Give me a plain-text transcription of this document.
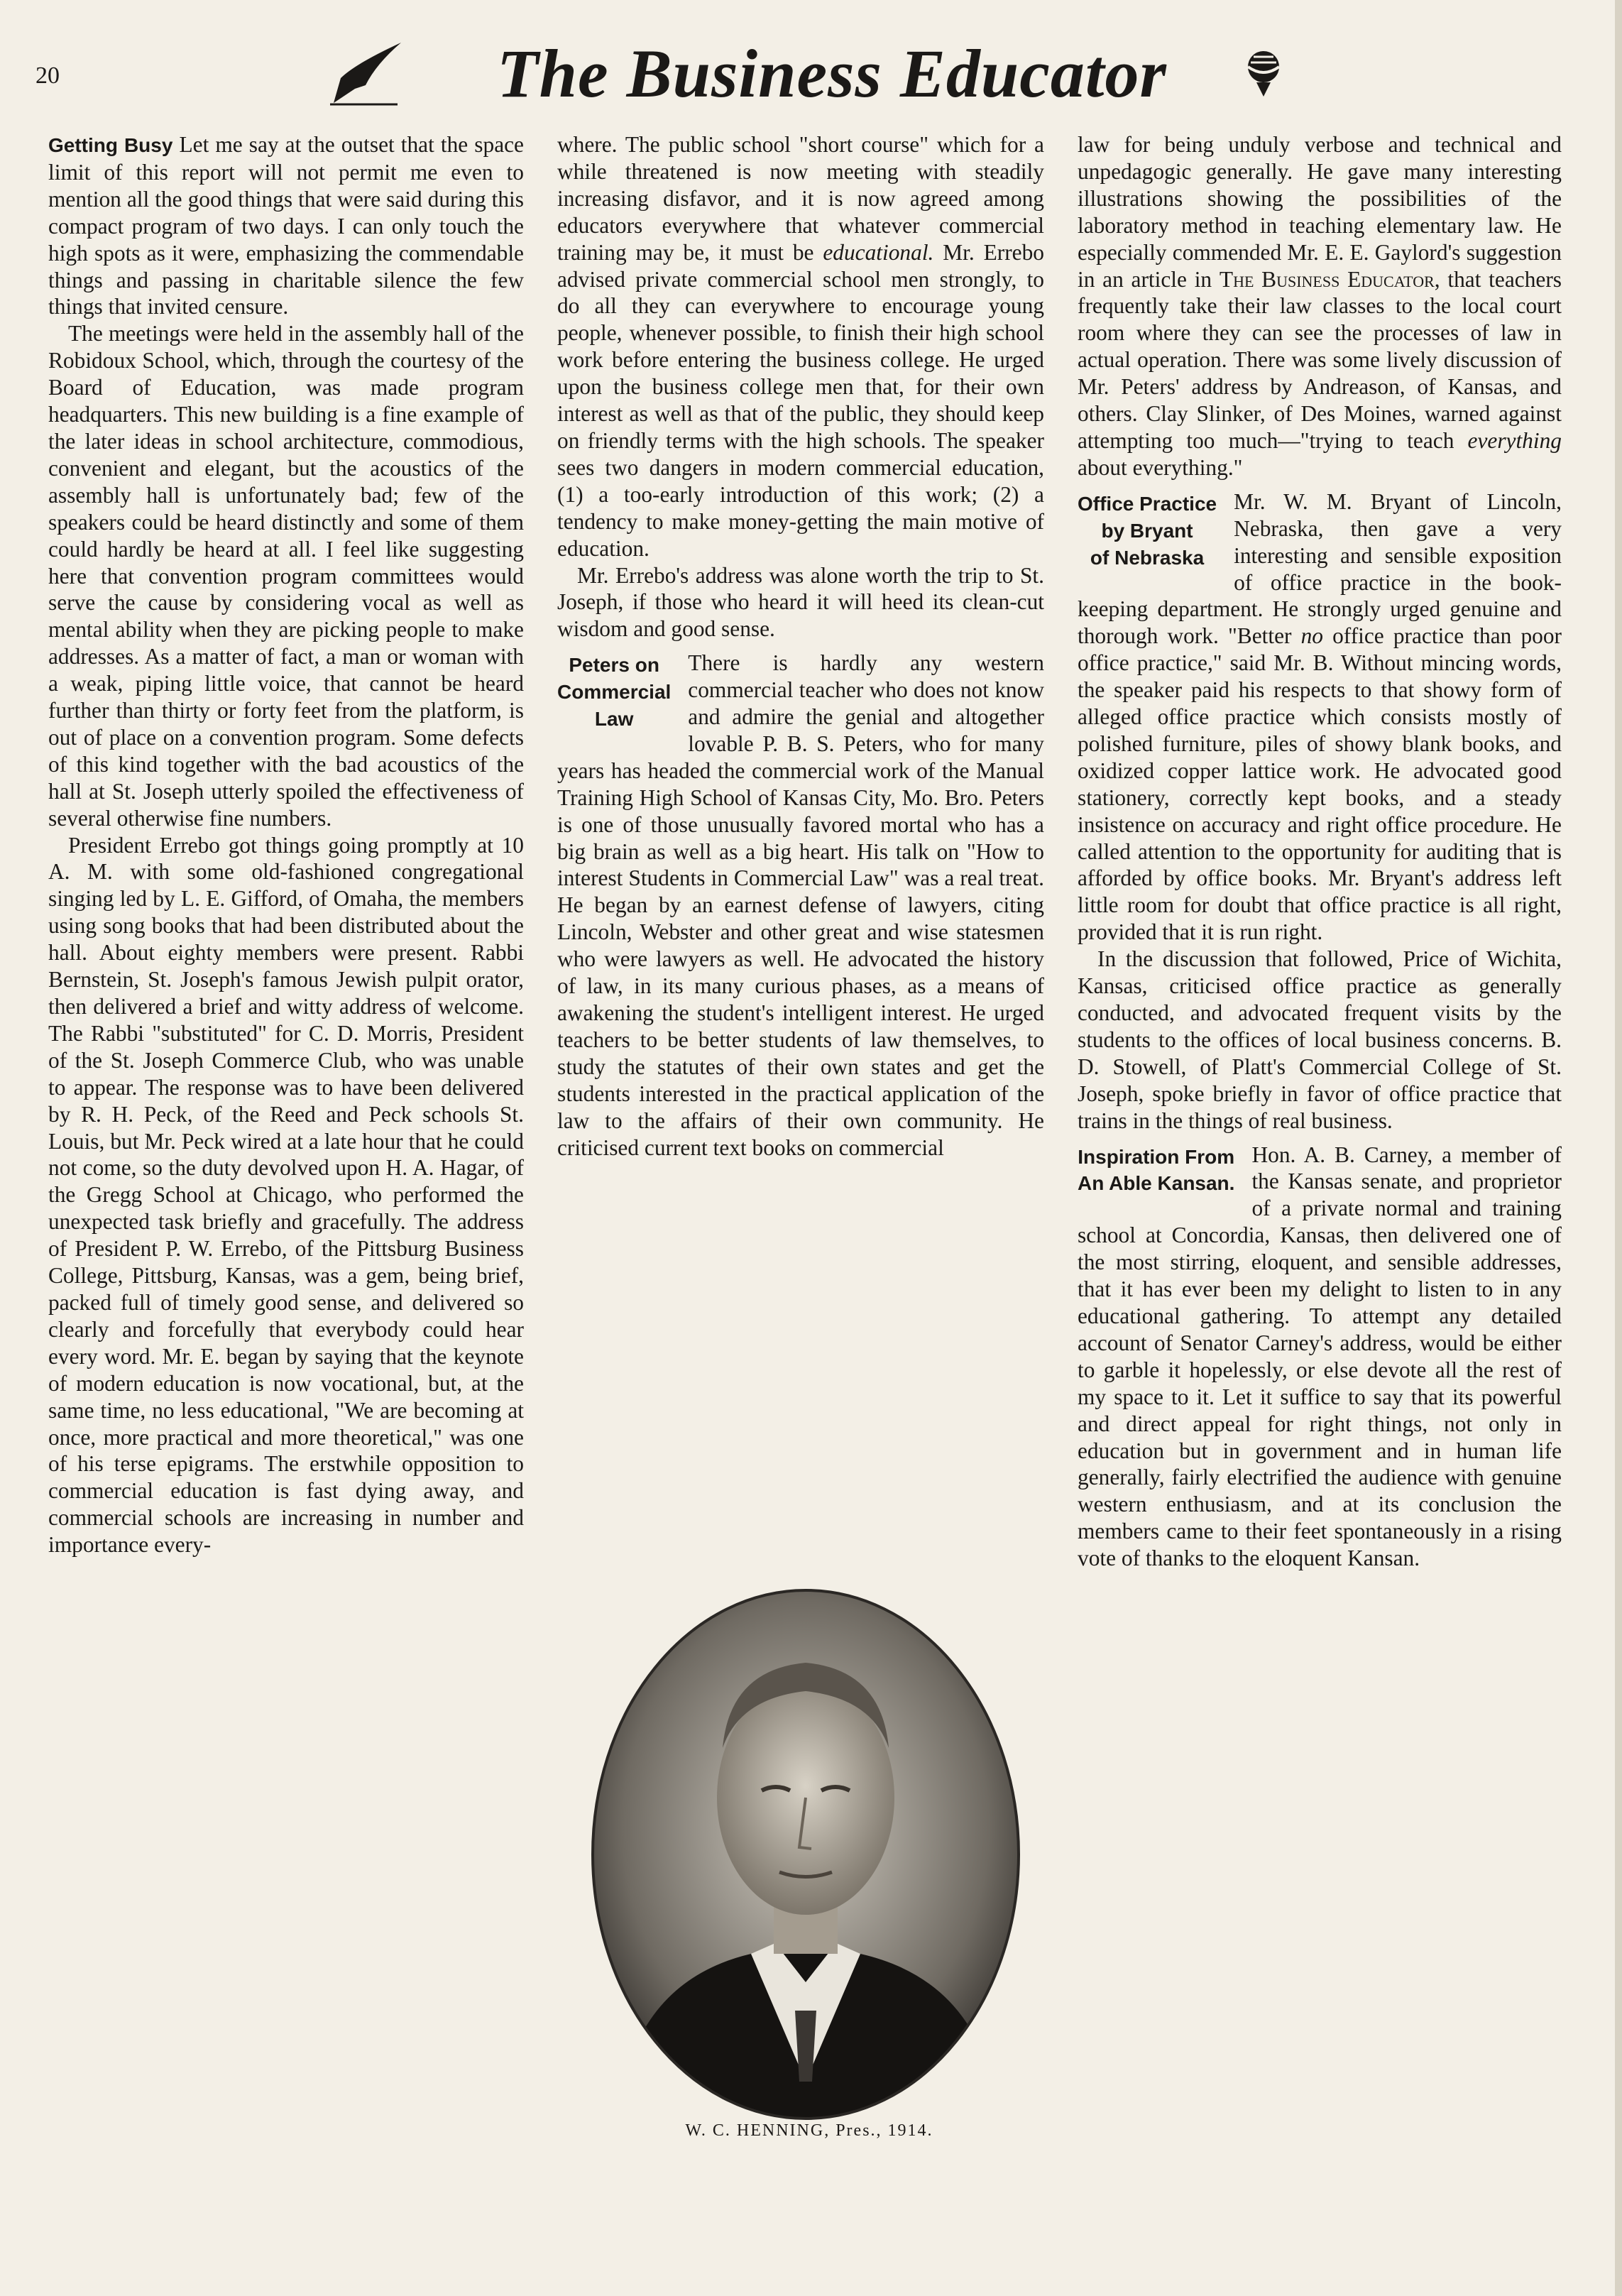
20	The Business Educator

Getting Busy Let me say at the outset that the space limit of this report will not permit me even to mention all the good things that were said during this compact program of two days. I can only touch the high spots as it were, emphasizing the commendable things and passing in charitable silence the few things that invited censure.

The meetings were held in the assembly hall of the Robidoux School, which, through the courtesy of the Board of Education, was made program headquarters. This new building is a fine example of the later ideas in school architecture, commodious, convenient and elegant, but the acoustics of the assembly hall is unfortunately bad; few of the speakers could be heard distinctly and some of them could hardly be heard at all. I feel like suggesting here that convention program committees would serve the cause by considering vocal as well as mental ability when they are picking people to make addresses. As a matter of fact, a man or woman with a weak, piping little voice, that cannot be heard further than thirty or forty feet from the platform, is out of place on a convention program. Some defects of this kind together with the bad acoustics of the hall at St. Joseph utterly spoiled the effectiveness of several otherwise fine numbers.

President Errebo got things going promptly at 10 A. M. with some old-fashioned congregational singing led by L. E. Gifford, of Omaha, the members using song books that had been distributed about the hall. About eighty members were present. Rabbi Bernstein, St. Joseph's famous Jewish pulpit orator, then delivered a brief and witty address of welcome. The Rabbi "substituted" for C. D. Morris, President of the St. Joseph Commerce Club, who was unable to appear. The response was to have been delivered by R. H. Peck, of the Reed and Peck schools St. Louis, but Mr. Peck wired at a late hour that he could not come, so the duty devolved upon H. A. Hagar, of the Gregg School at Chicago, who performed the unexpected task briefly and gracefully. The address of President P. W. Errebo, of the Pittsburg Business College, Pittsburg, Kansas, was a gem, being brief, packed full of timely good sense, and delivered so clearly and forcefully that everybody could hear every word. Mr. E. began by saying that the keynote of modern education is now vocational, but, at the same time, no less educational, "We are becoming at once, more practical and more theoretical," was one of his terse epigrams. The erstwhile opposition to commercial education is fast dying away, and commercial schools are increasing in number and importance every-

where. The public school "short course" which for a while threatened is now meeting with steadily increasing disfavor, and it is now agreed among educators everywhere that whatever commercial training may be, it must be educational. Mr. Errebo advised private commercial school men strongly, to do all they can everywhere to encourage young people, whenever possible, to finish their high school work before entering the business college. He urged upon the business college men that, for their own interest as well as that of the public, they should keep on friendly terms with the high schools. The speaker sees two dangers in modern commercial education, (1) a too-early introduction of this work; (2) a tendency to make money-getting the main motive of education.

Mr. Errebo's address was alone worth the trip to St. Joseph, if those who heard it will heed its clean-cut wisdom and good sense.

Peters on
Commercial
Law
There is hardly any western commercial teacher who does not know and admire the genial and altogether lovable P. B. S. Peters, who for many years has headed the commercial work of the Manual Training High School of Kansas City, Mo. Bro. Peters is one of those unusually favored mortal who has a big brain as well as a big heart. His talk on "How to interest Students in Commercial Law" was a real treat. He began by an earnest defense of lawyers, citing Lincoln, Webster and other great and wise statesmen who were lawyers as well. He advocated the history of law, in its many curious phases, as a means of awakening the student's intelligent interest. He urged teachers to be better students of law themselves, to study the statutes of their own states and get the students interested in the practical application of the law to the affairs of their own community. He criticised current text books on commercial

W. C. HENNING, Pres., 1914.

law for being unduly verbose and technical and unpedagogic generally. He gave many interesting illustrations showing the possibilities of the laboratory method in teaching elementary law. He especially commended Mr. E. E. Gaylord's suggestion in an article in The Business Educator, that teachers frequently take their law classes to the local court room where they can see the processes of law in actual operation. There was some lively discussion of Mr. Peters' address by Andreason, of Kansas, and others. Clay Slinker, of Des Moines, warned against attempting too much—"trying to teach everything about everything."

Office Practice
by Bryant
of Nebraska
Mr. W. M. Bryant of Lincoln, Nebraska, then gave a very interesting and sensible exposition of office practice in the book-keeping department. He strongly urged genuine and thorough work. "Better no office practice than poor office practice," said Mr. B. Without mincing words, the speaker paid his respects to that showy form of alleged office practice which consists mostly of polished furniture, piles of showy blank books, and oxidized copper lattice work. He advocated good stationery, correctly kept books, and a steady insistence on accuracy and right office procedure. He called attention to the opportunity for auditing that is afforded by office books. Mr. Bryant's address left little room for doubt that office practice is all right, provided that it is run right.

In the discussion that followed, Price of Wichita, Kansas, criticised office practice as generally conducted, and advocated frequent visits by the students to the offices of local business concerns. B. D. Stowell, of Platt's Commercial College of St. Joseph, spoke briefly in favor of office practice that trains in the things of real business.

Inspiration From
An Able Kansan.
Hon. A. B. Carney, a member of the Kansas senate, and proprietor of a private normal and training school at Concordia, Kansas, then delivered one of the most stirring, eloquent, and sensible addresses, that it has ever been my delight to listen to in any educational gathering. To attempt any detailed account of Senator Carney's address, would be either to garble it hopelessly, or else devote all the rest of my space to it. Let it suffice to say that its powerful and direct appeal for right things, not only in education but in government and in human life generally, fairly electrified the audience with genuine western enthusiasm, and at its conclusion the members came to their feet spontaneously in a rising vote of thanks to the eloquent Kansan.
